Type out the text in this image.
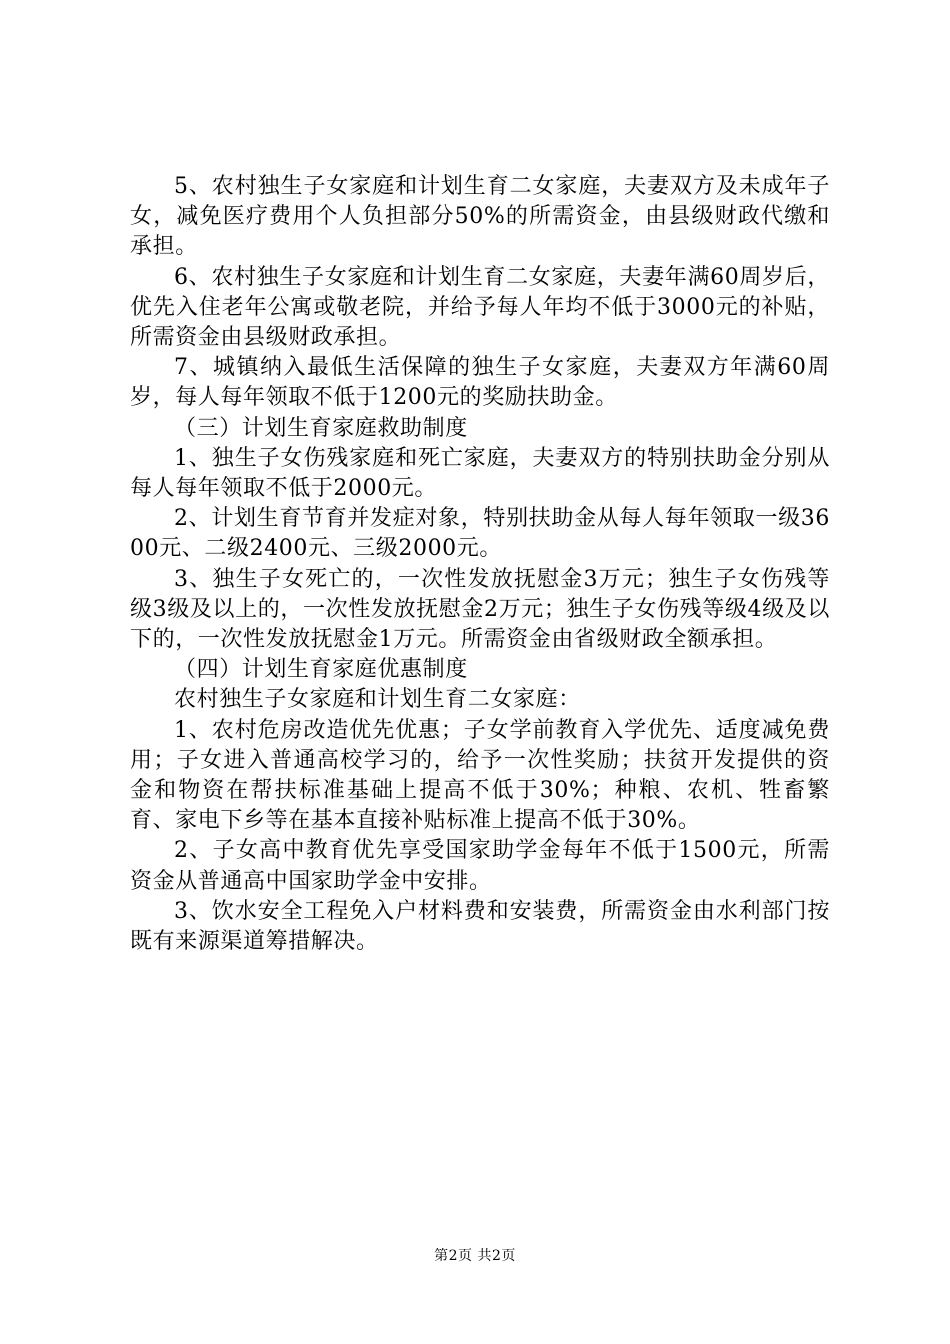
5、农村独生子女家庭和计划生育二女家庭，夫妻双方及未成年子女，减免医疗费用个人负担部分50%的所需资金，由县级财政代缴和承担。

6、农村独生子女家庭和计划生育二女家庭，夫妻年满60周岁后，优先入住老年公寓或敬老院，并给予每人年均不低于3000元的补贴，所需资金由县级财政承担。

7、城镇纳入最低生活保障的独生子女家庭，夫妻双方年满60周岁，每人每年领取不低于1200元的奖励扶助金。

（三）计划生育家庭救助制度

1、独生子女伤残家庭和死亡家庭，夫妻双方的特别扶助金分别从每人每年领取不低于2000元。

2、计划生育节育并发症对象，特别扶助金从每人每年领取一级3600元、二级2400元、三级2000元。

3、独生子女死亡的，一次性发放抚慰金3万元；独生子女伤残等级3级及以上的，一次性发放抚慰金2万元；独生子女伤残等级4级及以下的，一次性发放抚慰金1万元。所需资金由省级财政全额承担。

（四）计划生育家庭优惠制度

农村独生子女家庭和计划生育二女家庭：

1、农村危房改造优先优惠；子女学前教育入学优先、适度减免费用；子女进入普通高校学习的，给予一次性奖励；扶贫开发提供的资金和物资在帮扶标准基础上提高不低于30%；种粮、农机、牲畜繁育、家电下乡等在基本直接补贴标准上提高不低于30%。

2、子女高中教育优先享受国家助学金每年不低于1500元，所需资金从普通高中国家助学金中安排。

3、饮水安全工程免入户材料费和安装费，所需资金由水利部门按既有来源渠道筹措解决。

第2页 共2页
